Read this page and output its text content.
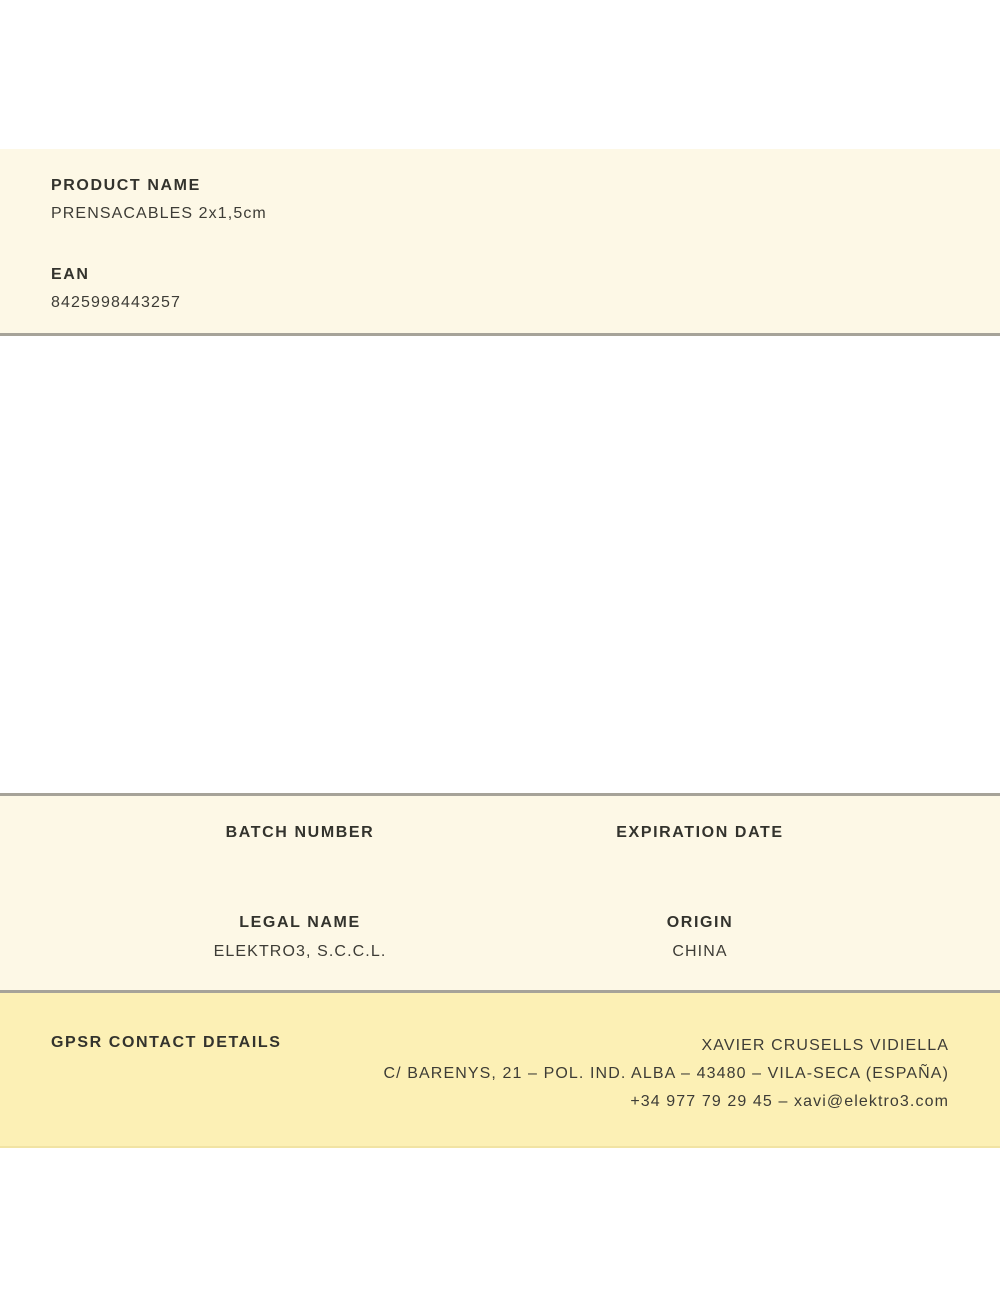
PRODUCT NAME
PRENSACABLES 2x1,5cm
EAN
8425998443257
BATCH NUMBER	EXPIRATION DATE
LEGAL NAME
ELEKTRO3, S.C.C.L.
ORIGIN
CHINA
GPSR CONTACT DETAILS	XAVIER CRUSELLS VIDIELLA
C/ BARENYS, 21 – POL. IND. ALBA – 43480 – VILA-SECA (ESPAÑA)
+34 977 79 29 45 – xavi@elektro3.com
